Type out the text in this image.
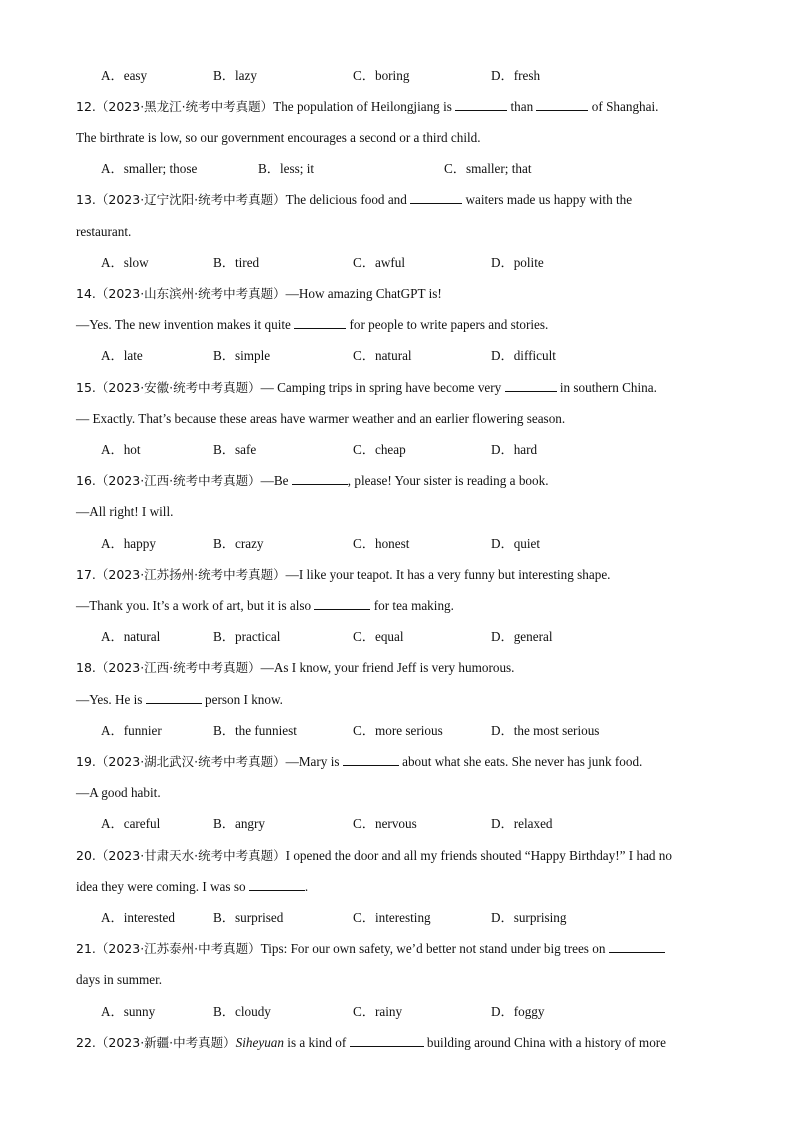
A．easy	B．lazy	C．boring	D．fresh
12.（2023·黑龙江·统考中考真题）The population of Heilongjiang is	than	of Shanghai.
The birthrate is low, so our government encourages a second or a third child.
A．smaller; those	B．less; it	C．smaller; that
13.（2023·辽宁沈阳·统考中考真题）The delicious food and	waiters made us happy with the
restaurant.
A．slow	B．tired	C．awful	D．polite
14.（2023·山东滨州·统考中考真题）—How amazing ChatGPT is!
—Yes. The new invention makes it quite	for people to write papers and stories.
A．late	B．simple	C．natural	D．difficult
15.（2023·安徽·统考中考真题）— Camping trips in spring have become very	in southern China.
— Exactly. That’s because these areas have warmer weather and an earlier flowering season.
A．hot	B．safe	C．cheap	D．hard
16.（2023·江西·统考中考真题）—Be	, please! Your sister is reading a book.
—All right! I will.
A．happy	B．crazy	C．honest	D．quiet
17.（2023·江苏扬州·统考中考真题）—I like your teapot. It has a very funny but interesting shape.
—Thank you. It’s a work of art, but it is also	for tea making.
A．natural	B．practical	C．equal	D．general
18.（2023·江西·统考中考真题）—As I know, your friend Jeff is very humorous.
—Yes. He is	person I know.
A．funnier	B．the funniest	C．more serious	D．the most serious
19.（2023·湖北武汉·统考中考真题）—Mary is	about what she eats. She never has junk food.
—A good habit.
A．careful	B．angry	C．nervous	D．relaxed
20.（2023·甘肃天水·统考中考真题）I opened the door and all my friends shouted “Happy Birthday!” I had no
idea they were coming. I was so	.
A．interested	B．surprised	C．interesting	D．surprising
21.（2023·江苏泰州·中考真题）Tips: For our own safety, we’d better not stand under big trees on
days in summer.
A．sunny	B．cloudy	C．rainy	D．foggy
22.（2023·新疆·中考真题）Siheyuan is a kind of	building around China with a history of more
